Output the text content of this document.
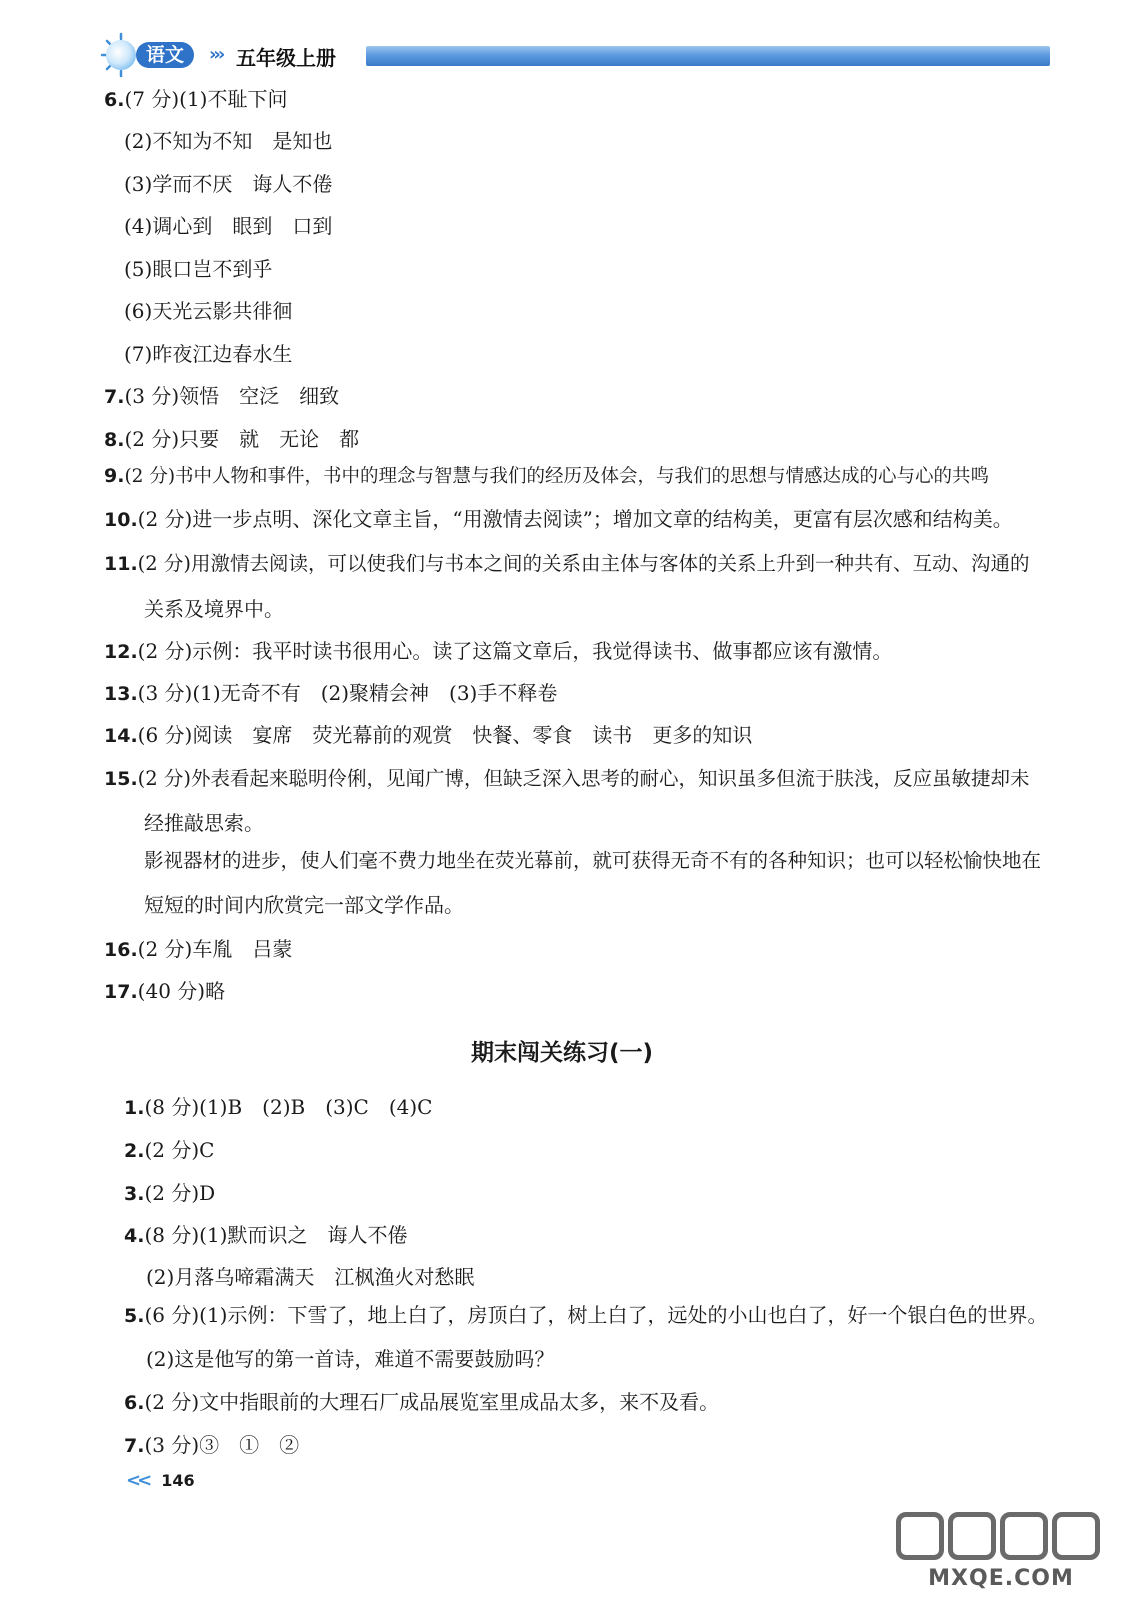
语文	››› 五年级上册
6.(7 分)(1)不耻下问
(2)不知为不知　是知也
(3)学而不厌　诲人不倦
(4)调心到　眼到　口到
(5)眼口岂不到乎
(6)天光云影共徘徊
(7)昨夜江边春水生
7.(3 分)领悟　空泛　细致
8.(2 分)只要　就　无论　都
9.(2 分)书中人物和事件，书中的理念与智慧与我们的经历及体会，与我们的思想与情感达成的心与心的共鸣
10.(2 分)进一步点明、深化文章主旨，“用激情去阅读”；增加文章的结构美，更富有层次感和结构美。
11.(2 分)用激情去阅读，可以使我们与书本之间的关系由主体与客体的关系上升到一种共有、互动、沟通的
关系及境界中。
12.(2 分)示例：我平时读书很用心。读了这篇文章后，我觉得读书、做事都应该有激情。
13.(3 分)(1)无奇不有　(2)聚精会神　(3)手不释卷
14.(6 分)阅读　宴席　荧光幕前的观赏　快餐、零食　读书　更多的知识
15.(2 分)外表看起来聪明伶俐，见闻广博，但缺乏深入思考的耐心，知识虽多但流于肤浅，反应虽敏捷却未
经推敲思索。
影视器材的进步，使人们毫不费力地坐在荧光幕前，就可获得无奇不有的各种知识；也可以轻松愉快地在
短短的时间内欣赏完一部文学作品。
16.(2 分)车胤　吕蒙
17.(40 分)略
期末闯关练习(一)
1.(8 分)(1)B　(2)B　(3)C　(4)C
2.(2 分)C
3.(2 分)D
4.(8 分)(1)默而识之　诲人不倦
(2)月落乌啼霜满天　江枫渔火对愁眠
5.(6 分)(1)示例：下雪了，地上白了，房顶白了，树上白了，远处的小山也白了，好一个银白色的世界。
(2)这是他写的第一首诗，难道不需要鼓励吗？
6.(2 分)文中指眼前的大理石厂成品展览室里成品太多，来不及看。
7.(3 分)③　①　②
<< 146
MXQE.COM
